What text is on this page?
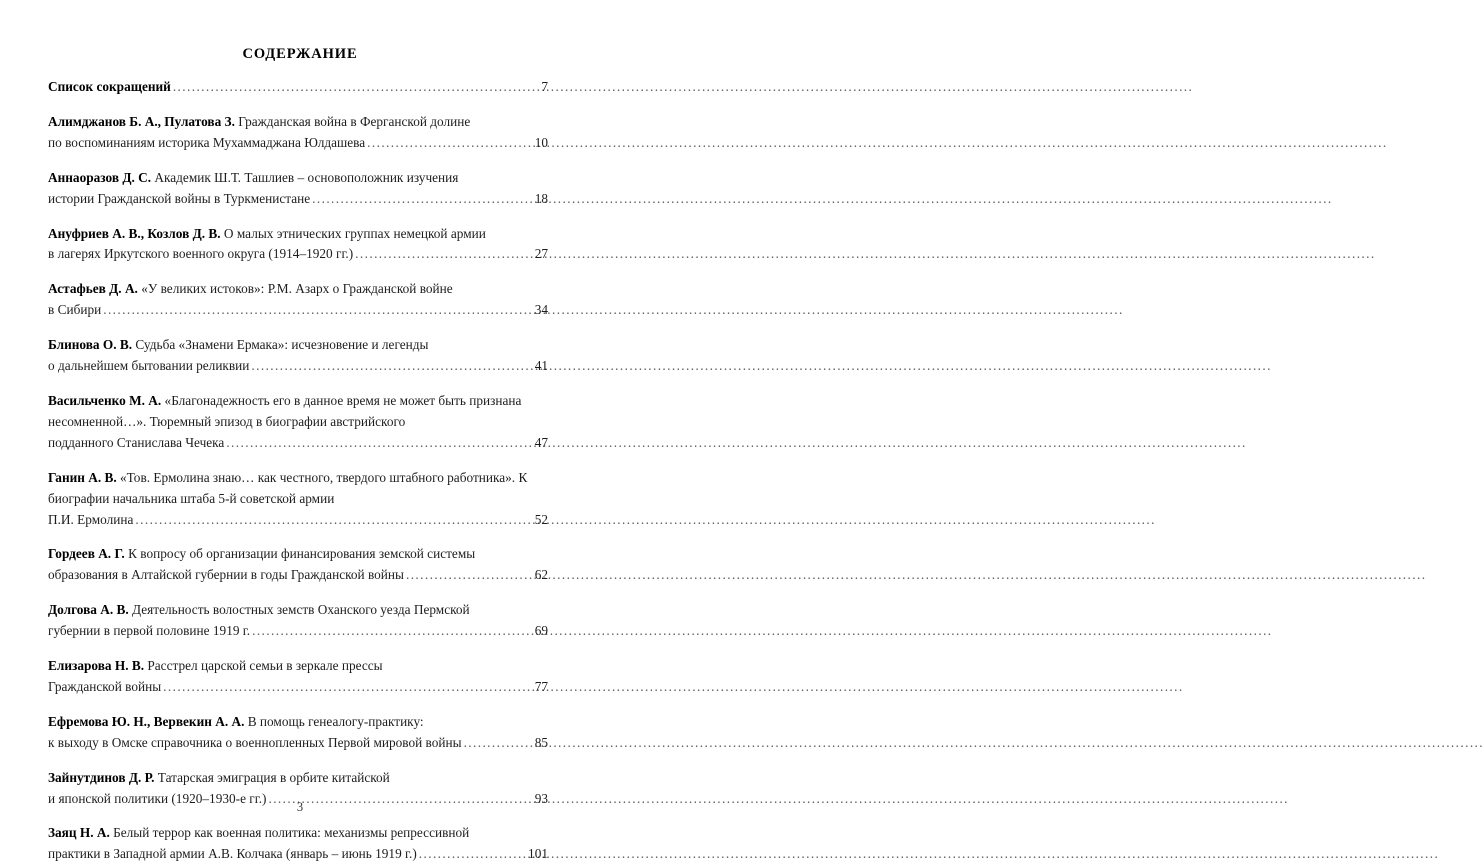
СОДЕРЖАНИЕ
Список сокращений .....	7
Алимджанов Б. А., Пулатова З. Гражданская война в Ферганской долине
по воспоминаниям историка Мухаммаджана Юлдашева .....	10
Аннаоразов Д. С. Академик Ш.Т. Ташлиев – основоположник изучения
истории Гражданской войны в Туркменистане .....	18
Ануфриев А. В., Козлов Д. В. О малых этнических группах немецкой армии
в лагерях Иркутского военного округа (1914–1920 гг.) .....	27
Астафьев Д. А. «У великих истоков»: Р.М. Азарх о Гражданской войне
в Сибири .....	34
Блинова О. В. Судьба «Знамени Ермака»: исчезновение и легенды
о дальнейшем бытовании реликвии .....	41
Васильченко М. А. «Благонадежность его в данное время не может быть признана несомненной…». Тюремный эпизод в биографии австрийского
подданного Станислава Чечека .....	47
Ганин А. В. «Тов. Ермолина знаю… как честного, твердого штабного работника». К биографии начальника штаба 5-й советской армии
П.И. Ермолина .....	52
Гордеев А. Г. К вопросу об организации финансирования земской системы
образования в Алтайской губернии в годы Гражданской войны .....	62
Долгова А. В. Деятельность волостных земств Оханского уезда Пермской
губернии в первой половине 1919 г. .....	69
Елизарова Н. В. Расстрел царской семьи в зеркале прессы
Гражданской войны .....	77
Ефремова Ю. Н., Вервекин А. А. В помощь генеалогу-практику:
к выходу в Омске справочника о военнопленных Первой мировой войны .....	85
Зайнутдинов Д. Р. Татарская эмиграция в орбите китайской
и японской политики (1920–1930-е гг.) .....	93
Заяц Н. А. Белый террор как военная политика: механизмы репрессивной
практики в Западной армии А.В. Колчака (январь – июнь 1919 г.) .....	101
3
